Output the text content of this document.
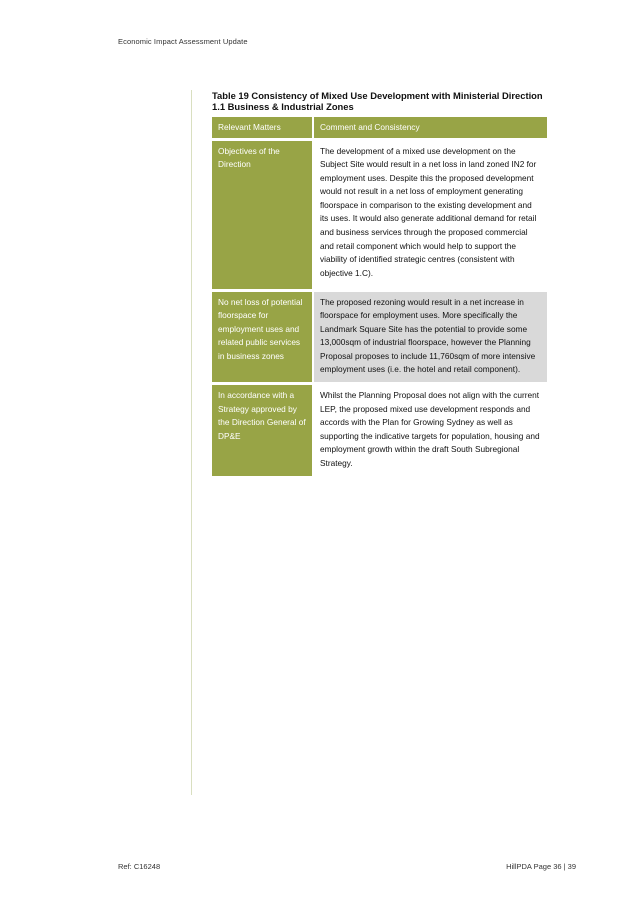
Economic Impact Assessment Update
Table 19 Consistency of Mixed Use Development with Ministerial Direction 1.1 Business & Industrial Zones
Relevant Matters	Comment and Consistency
Objectives of the Direction	The development of a mixed use development on the Subject Site would result in a net loss in land zoned IN2 for employment uses. Despite this the proposed development would not result in a net loss of employment generating floorspace in comparison to the existing development and its uses. It would also generate additional demand for retail and business services through the proposed commercial and retail component which would help to support the viability of identified strategic centres (consistent with objective 1.C).
No net loss of potential floorspace for employment uses and related public services in business zones	The proposed rezoning would result in a net increase in floorspace for employment uses. More specifically the Landmark Square Site has the potential to provide some 13,000sqm of industrial floorspace, however the Planning Proposal proposes to include 11,760sqm of more intensive employment uses (i.e. the hotel and retail component).
In accordance with a Strategy approved by the Direction General of DP&E	Whilst the Planning Proposal does not align with the current LEP, the proposed mixed use development responds and accords with the Plan for Growing Sydney as well as supporting the indicative targets for population, housing and employment growth within the draft South Subregional Strategy.
Ref: C16248	HillPDA Page 36 | 39
